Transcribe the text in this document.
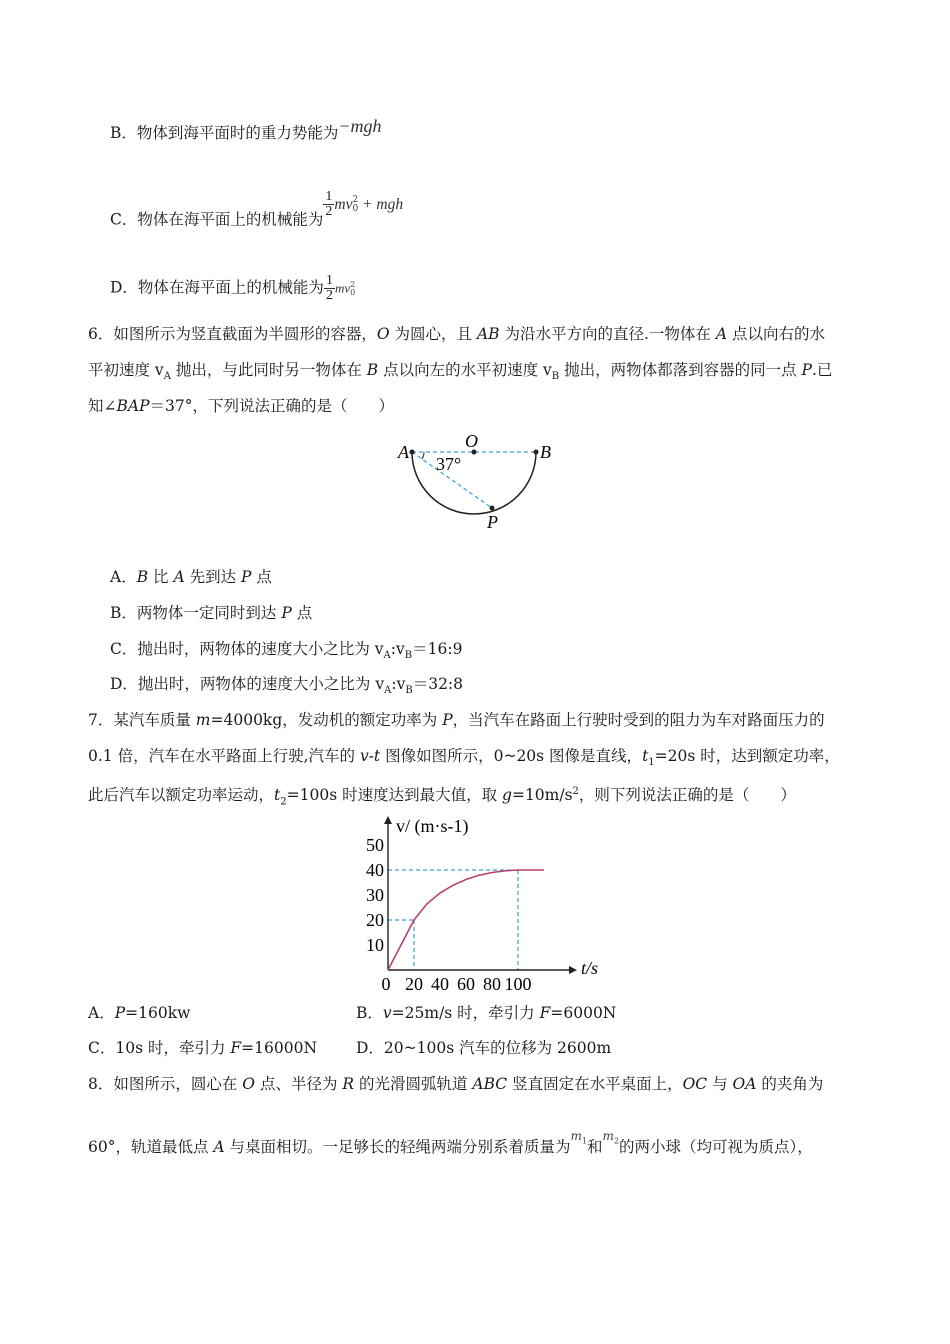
B．物体到海平面时的重力势能为−mgh
C．物体在海平面上的机械能为
$\frac{1}{2}$ mv 2
0 + mgh
D．物体在海平面上的机械能为 $\frac{1}{2}$ mv 2
0
6．如图所示为竖直截面为半圆形的容器，O 为圆心，且 AB 为沿水平方向的直径.一物体在 A 点以向右的水
平初速度 $v_A$ 抛出，与此同时另一物体在 B 点以向左的水平初速度 $v_B$ 抛出，两物体都落到容器的同一点 P.已
知∠BAP＝37°，下列说法正确的是（　　）
A	B
O
P
37°
A．B 比 A 先到达 P 点
B．两物体一定同时到达 P 点
C．抛出时，两物体的速度大小之比为 $v_A:v_B=16:9$
D．抛出时，两物体的速度大小之比为 $v_A:v_B=32:8$
7．某汽车质量 m=4000kg，发动机的额定功率为 P，当汽车在路面上行驶时受到的阻力为车对路面压力的
0.1 倍，汽车在水平路面上行驶,汽车的 v-t 图像如图所示，0~20s 图像是直线，$t_1=20s$ 时，达到额定功率，
此后汽车以额定功率运动，$t_2=100s$ 时速度达到最大值，取 $g=10m/s^2$，则下列说法正确的是（　　）
v/ (m·s-1)
t/s
50
40
30
20
10
0 20 40 60 80 100
A．P=160kw	B．v=25m/s 时，牵引力 F=6000N
C．10s 时，牵引力 F=16000N	D．20~100s 汽车的位移为 2600m
8．如图所示，圆心在 O 点、半径为 R 的光滑圆弧轨道 ABC 竖直固定在水平桌面上，OC 与 OA 的夹角为
60°，轨道最低点 A 与桌面相切。一足够长的轻绳两端分别系着质量为$^{m_1}$和$^{m_2}$的两小球（均可视为质点），
